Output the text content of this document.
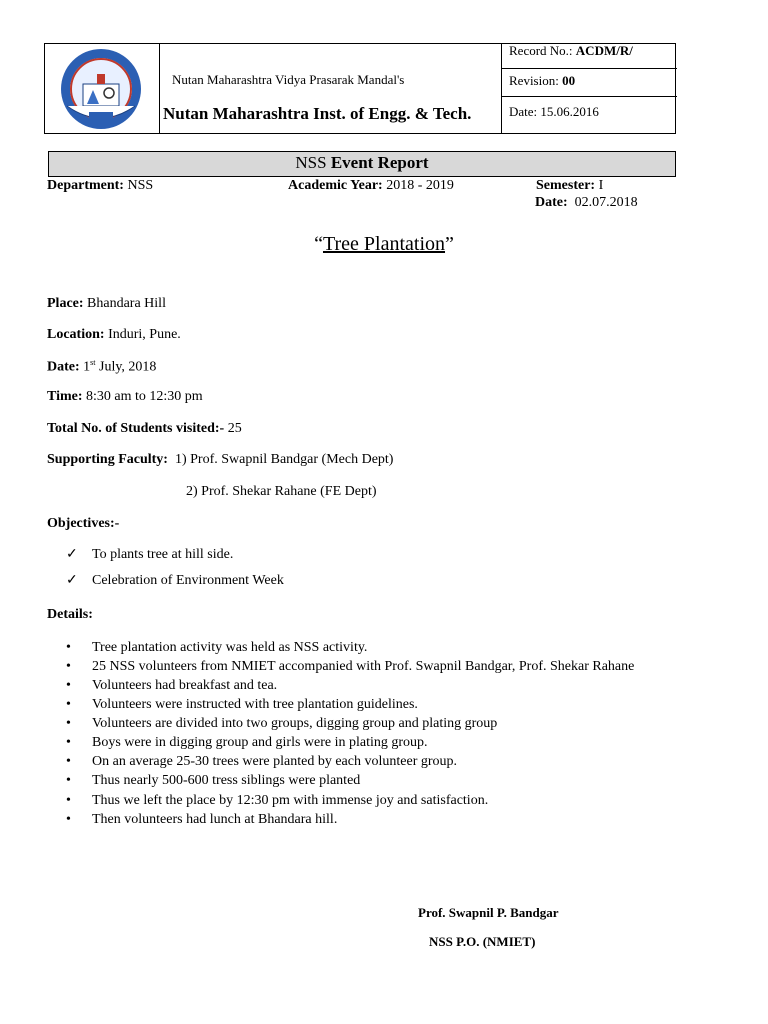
Nutan Maharashtra Vidya Prasarak Mandal's
Nutan Maharashtra Inst. of Engg. & Tech.
Record No.: ACDM/R/
Revision: 00
Date: 15.06.2016
NSS Event Report
Department: NSS	Academic Year: 2018 - 2019	Semester: I
Date: 02.07.2018
“Tree Plantation”
Place: Bhandara Hill
Location: Induri, Pune.
Date: 1st July, 2018
Time: 8:30 am to 12:30 pm
Total No. of Students visited:- 25
Supporting Faculty: 1) Prof. Swapnil Bandgar (Mech Dept)
2) Prof. Shekar Rahane (FE Dept)
Objectives:-
✓ To plants tree at hill side.
✓ Celebration of Environment Week
Details:
• Tree plantation activity was held as NSS activity.
• 25 NSS volunteers from NMIET accompanied with Prof. Swapnil Bandgar, Prof. Shekar Rahane
• Volunteers had breakfast and tea.
• Volunteers were instructed with tree plantation guidelines.
• Volunteers are divided into two groups, digging group and plating group
• Boys were in digging group and girls were in plating group.
• On an average 25-30 trees were planted by each volunteer group.
• Thus nearly 500-600 tress siblings were planted
• Thus we left the place by 12:30 pm with immense joy and satisfaction.
• Then volunteers had lunch at Bhandara hill.
Prof. Swapnil P. Bandgar
NSS P.O. (NMIET)
